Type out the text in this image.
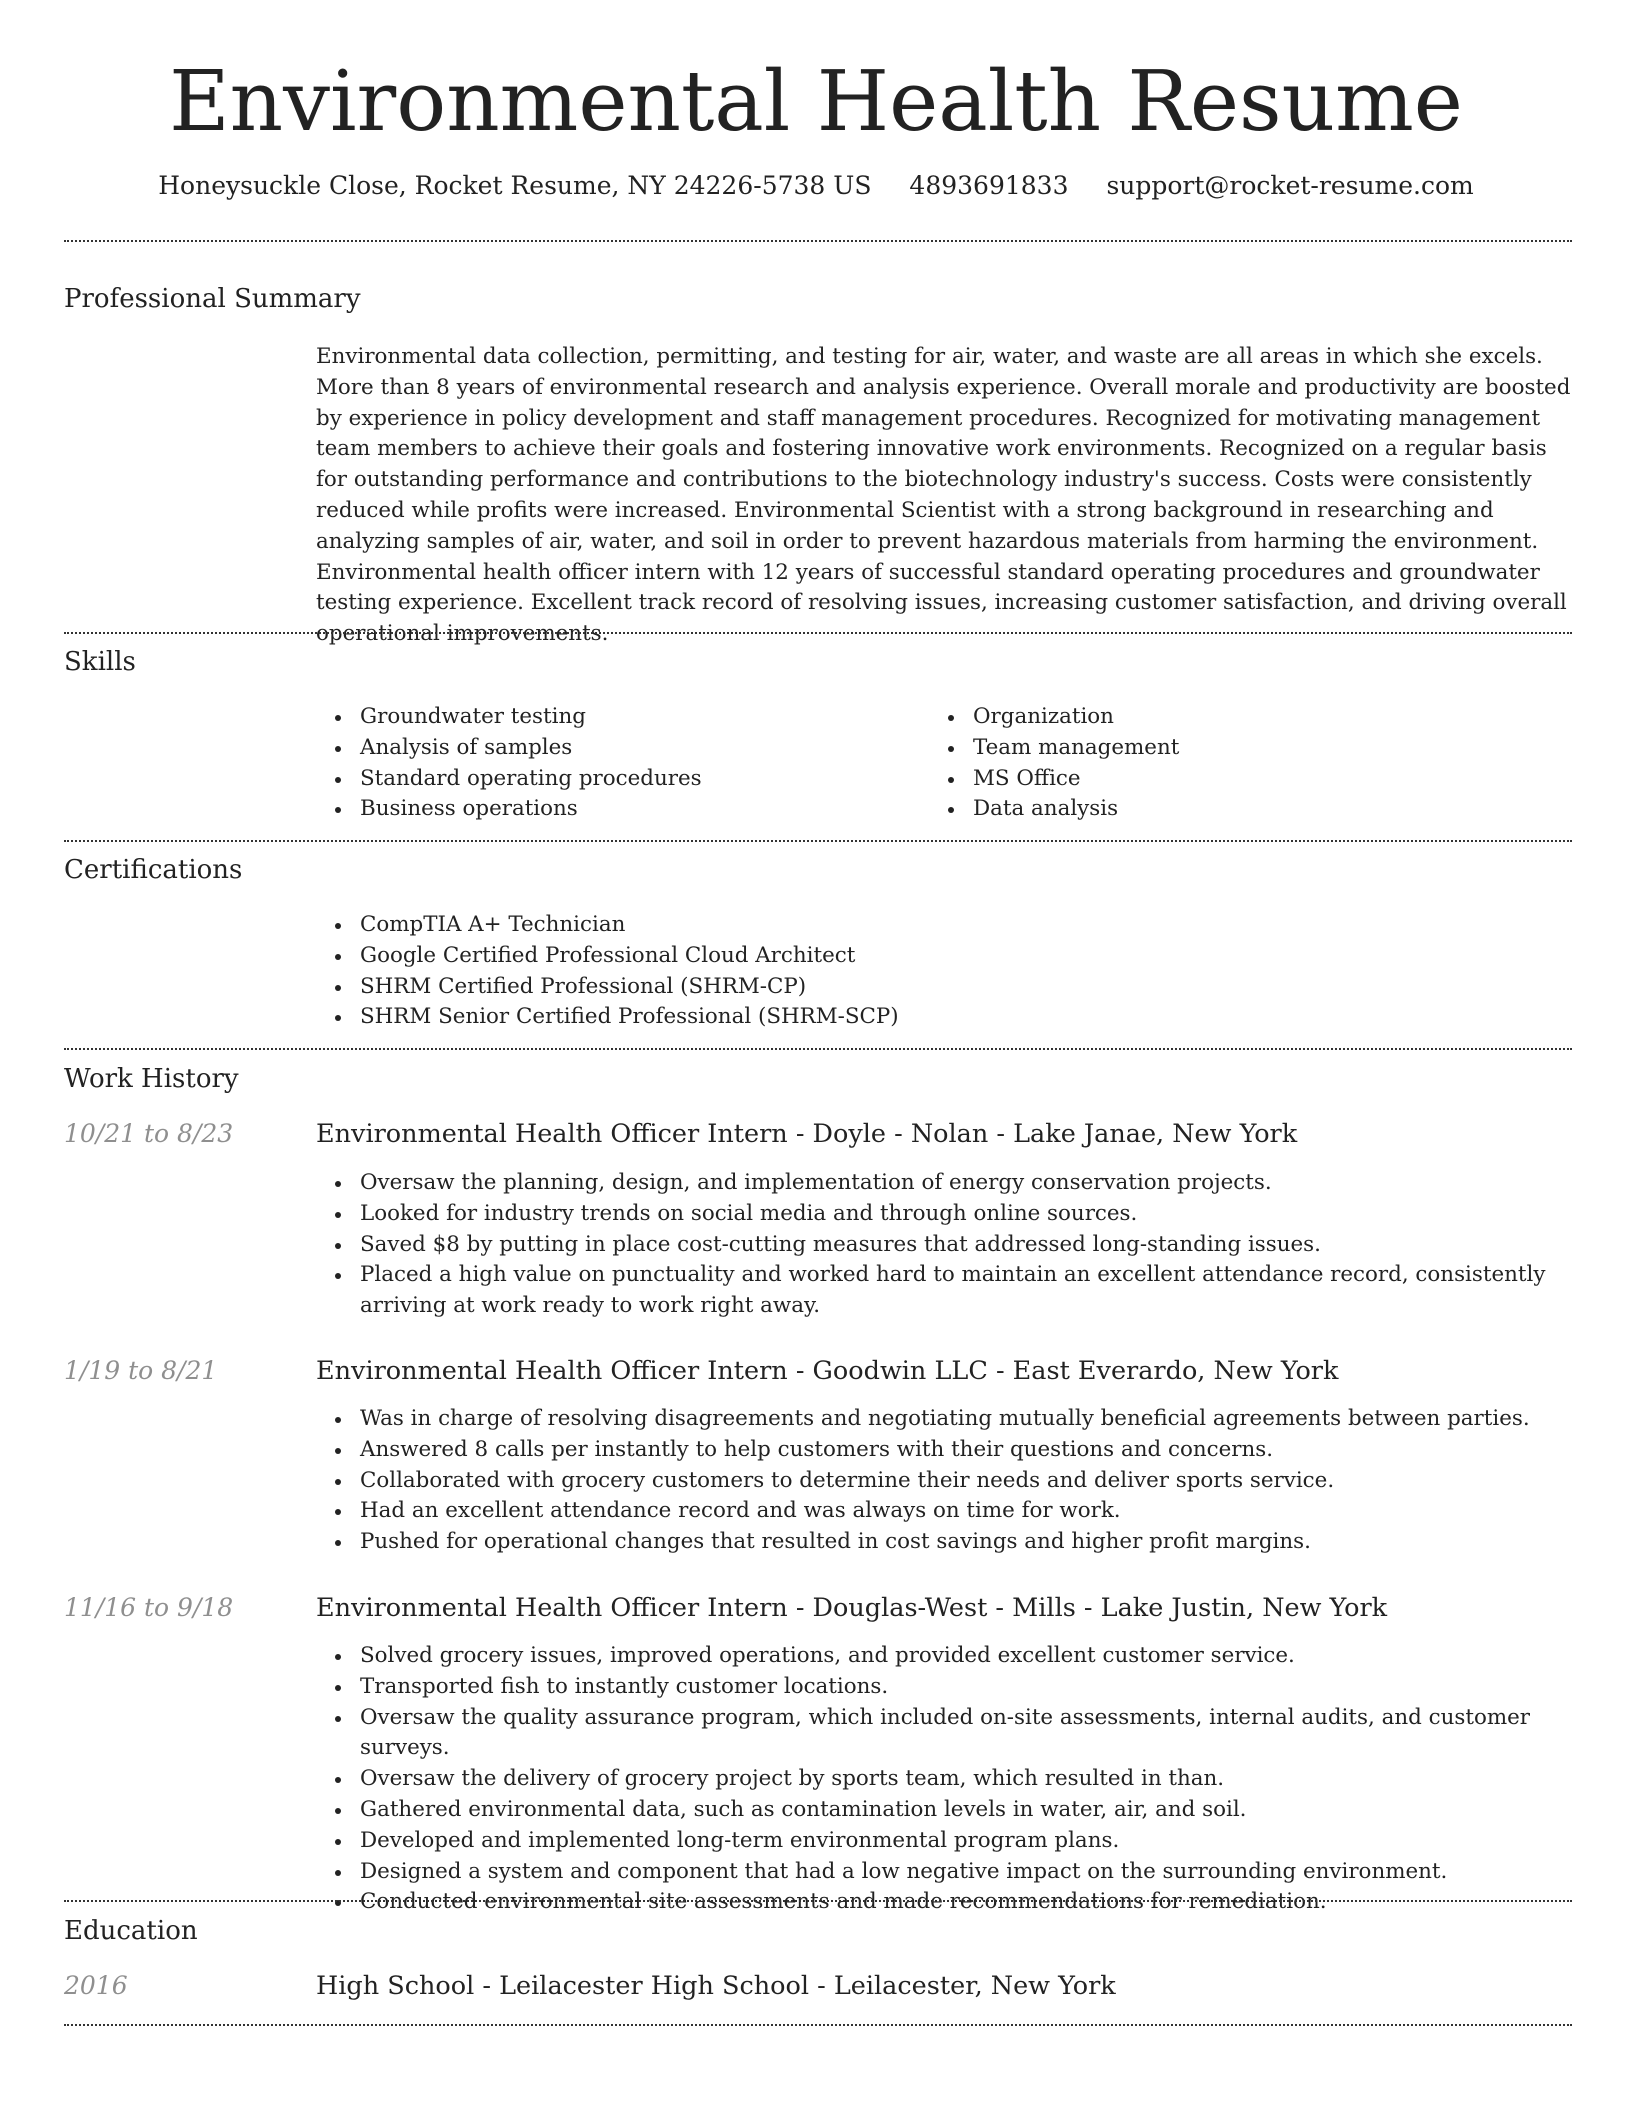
Environmental Health Resume
Honeysuckle Close, Rocket Resume, NY 24226-5738 US 4893691833 support@rocket-resume.com
Professional Summary
Environmental data collection, permitting, and testing for air, water, and waste are all areas in which she excels. More than 8 years of environmental research and analysis experience. Overall morale and productivity are boosted by experience in policy development and staff management procedures. Recognized for motivating management team members to achieve their goals and fostering innovative work environments. Recognized on a regular basis for outstanding performance and contributions to the biotechnology industry's success. Costs were consistently reduced while profits were increased. Environmental Scientist with a strong background in researching and analyzing samples of air, water, and soil in order to prevent hazardous materials from harming the environment. Environmental health officer intern with 12 years of successful standard operating procedures and groundwater testing experience. Excellent track record of resolving issues, increasing customer satisfaction, and driving overall operational improvements.
Skills
Groundwater testing
Analysis of samples
Standard operating procedures
Business operations
Organization
Team management
MS Office
Data analysis
Certifications
CompTIA A+ Technician
Google Certified Professional Cloud Architect
SHRM Certified Professional (SHRM-CP)
SHRM Senior Certified Professional (SHRM-SCP)
Work History
10/21 to 8/23	Environmental Health Officer Intern - Doyle - Nolan - Lake Janae, New York
Oversaw the planning, design, and implementation of energy conservation projects.
Looked for industry trends on social media and through online sources.
Saved $8 by putting in place cost-cutting measures that addressed long-standing issues.
Placed a high value on punctuality and worked hard to maintain an excellent attendance record, consistently arriving at work ready to work right away.
1/19 to 8/21	Environmental Health Officer Intern - Goodwin LLC - East Everardo, New York
Was in charge of resolving disagreements and negotiating mutually beneficial agreements between parties.
Answered 8 calls per instantly to help customers with their questions and concerns.
Collaborated with grocery customers to determine their needs and deliver sports service.
Had an excellent attendance record and was always on time for work.
Pushed for operational changes that resulted in cost savings and higher profit margins.
11/16 to 9/18	Environmental Health Officer Intern - Douglas-West - Mills - Lake Justin, New York
Solved grocery issues, improved operations, and provided excellent customer service.
Transported fish to instantly customer locations.
Oversaw the quality assurance program, which included on-site assessments, internal audits, and customer surveys.
Oversaw the delivery of grocery project by sports team, which resulted in than.
Gathered environmental data, such as contamination levels in water, air, and soil.
Developed and implemented long-term environmental program plans.
Designed a system and component that had a low negative impact on the surrounding environment.
Conducted environmental site assessments and made recommendations for remediation.
Education
2016	High School - Leilacester High School - Leilacester, New York
